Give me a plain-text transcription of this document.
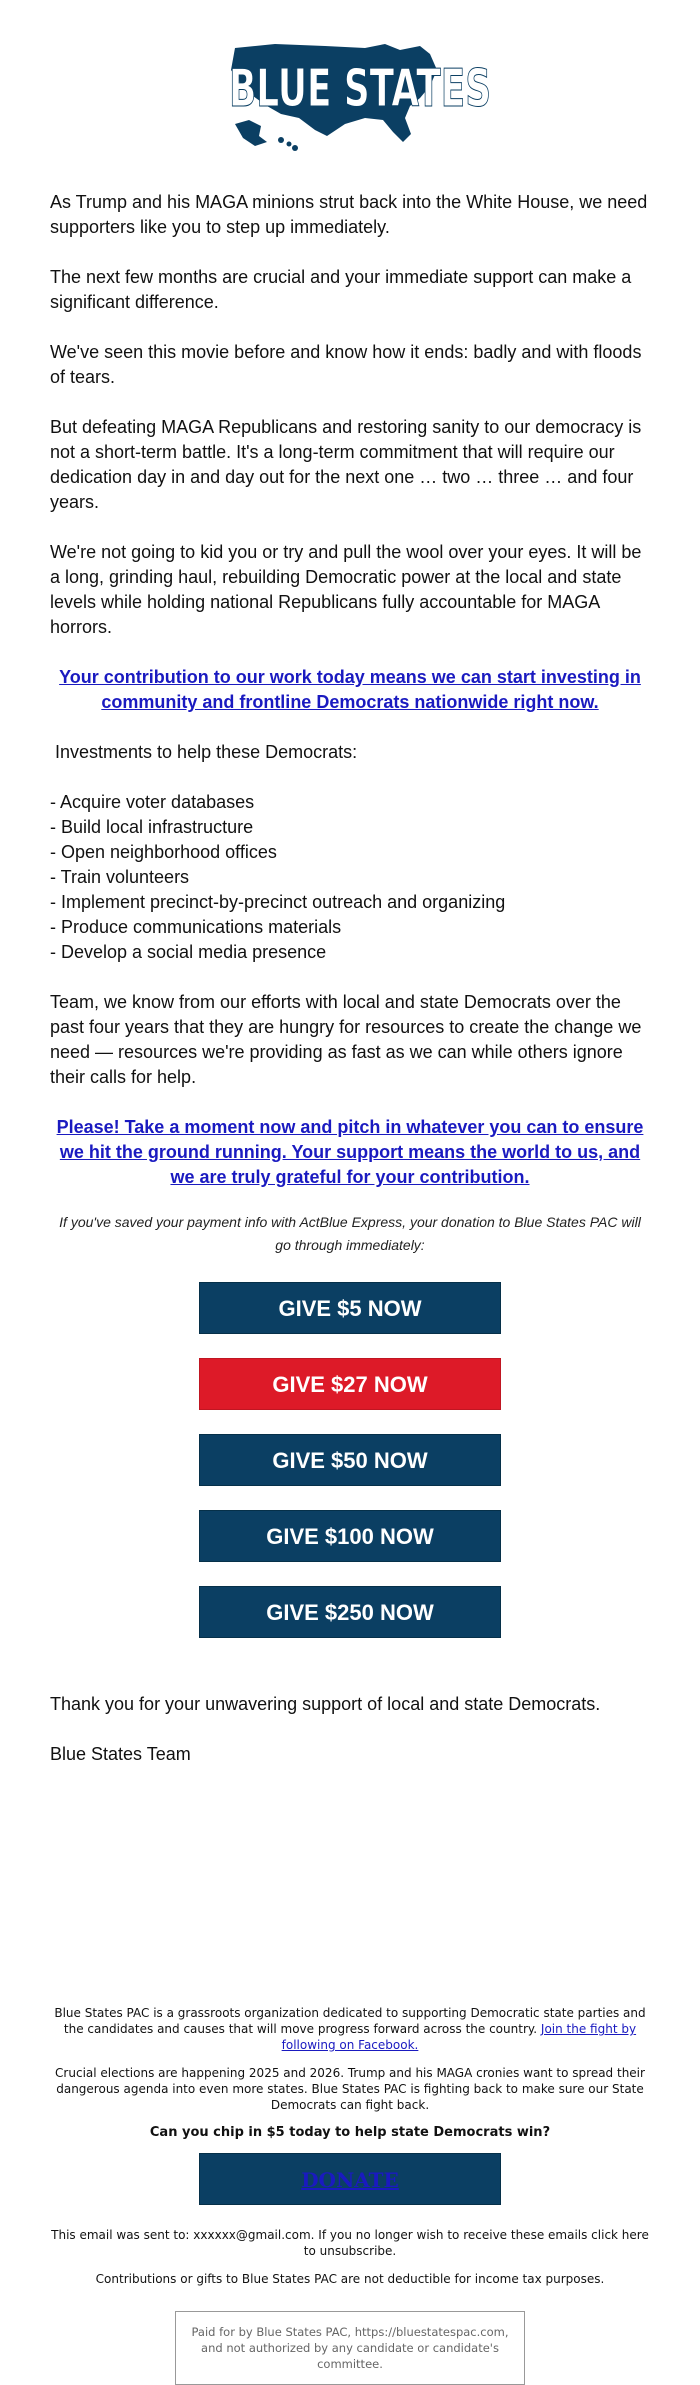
BLUE STATES

As Trump and his MAGA minions strut back into the White House, we need supporters like you to step up immediately.

The next few months are crucial and your immediate support can make a significant difference.

We've seen this movie before and know how it ends: badly and with floods of tears.

But defeating MAGA Republicans and restoring sanity to our democracy is not a short-term battle. It's a long-term commitment that will require our dedication day in and day out for the next one … two … three … and four years.

We're not going to kid you or try and pull the wool over your eyes. It will be a long, grinding haul, rebuilding Democratic power at the local and state levels while holding national Republicans fully accountable for MAGA horrors.

Your contribution to our work today means we can start investing in community and frontline Democrats nationwide right now.

Investments to help these Democrats:

- Acquire voter databases
- Build local infrastructure
- Open neighborhood offices
- Train volunteers
- Implement precinct-by-precinct outreach and organizing
- Produce communications materials
- Develop a social media presence

Team, we know from our efforts with local and state Democrats over the past four years that they are hungry for resources to create the change we need — resources we're providing as fast as we can while others ignore their calls for help.

Please! Take a moment now and pitch in whatever you can to ensure we hit the ground running. Your support means the world to us, and we are truly grateful for your contribution.

If you've saved your payment info with ActBlue Express, your donation to Blue States PAC will go through immediately:

GIVE $5 NOW
GIVE $27 NOW
GIVE $50 NOW
GIVE $100 NOW
GIVE $250 NOW

Thank you for your unwavering support of local and state Democrats.

Blue States Team

Blue States PAC is a grassroots organization dedicated to supporting Democratic state parties and the candidates and causes that will move progress forward across the country. Join the fight by following on Facebook.

Crucial elections are happening 2025 and 2026. Trump and his MAGA cronies want to spread their dangerous agenda into even more states. Blue States PAC is fighting back to make sure our State Democrats can fight back.

Can you chip in $5 today to help state Democrats win?

DONATE

This email was sent to: xxxxxx@gmail.com. If you no longer wish to receive these emails click here to unsubscribe.

Contributions or gifts to Blue States PAC are not deductible for income tax purposes.

Paid for by Blue States PAC, https://bluestatespac.com, and not authorized by any candidate or candidate's committee.
